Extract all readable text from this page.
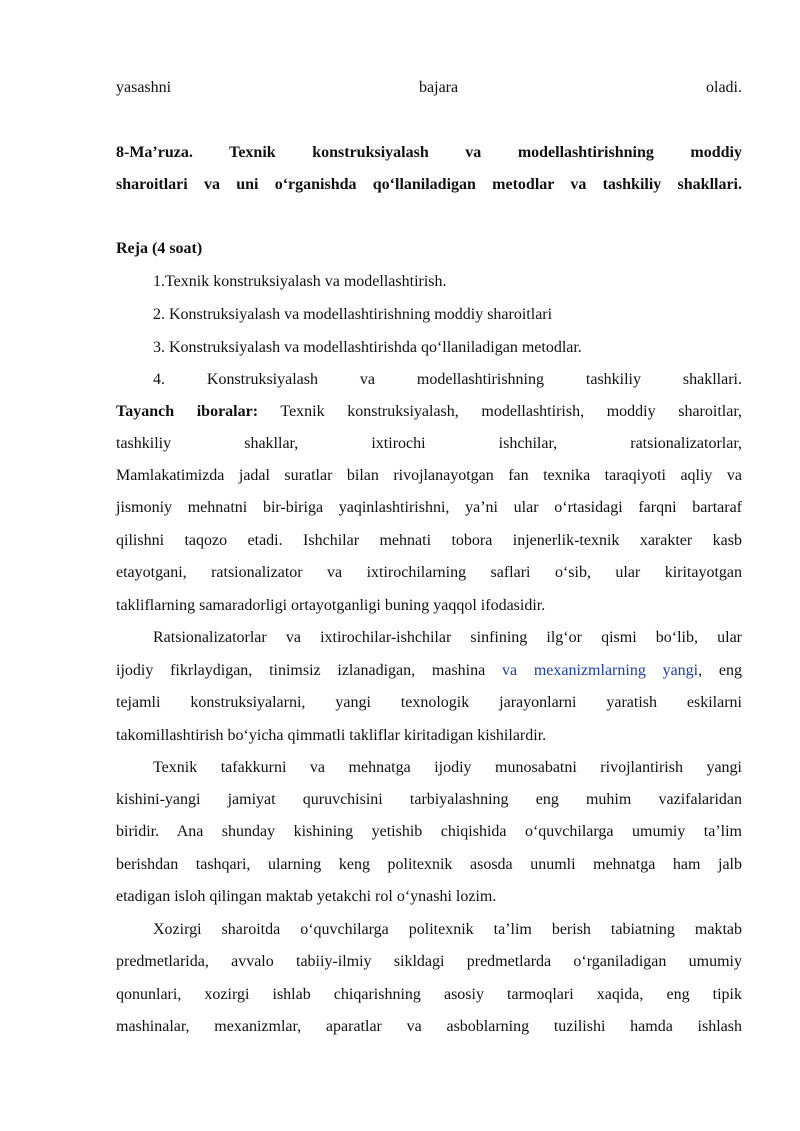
yasashni	bajara	oladi.
8-Ma’ruza. Texnik konstruksiyalash va modellashtirishning moddiy
sharoitlari va uni o‘rganishda qo‘llaniladigan metodlar va tashkiliy shakllari.
Reja (4 soat)
1.Texnik konstruksiyalash va modellashtirish.
2. Konstruksiyalash va modellashtirishning moddiy sharoitlari
3. Konstruksiyalash va modellashtirishda qo‘llaniladigan metodlar.
4. Konstruksiyalash va modellashtirishning tashkiliy shakllari.
Tayanch iboralar: Texnik konstruksiyalash, modellashtirish, moddiy sharoitlar,
tashkiliy shakllar, ixtirochi ishchilar, ratsionalizatorlar,
Mamlakatimizda jadal suratlar bilan rivojlanayotgan fan texnika taraqiyoti aqliy va
jismoniy mehnatni bir-biriga yaqinlashtirishni, ya’ni ular o‘rtasidagi farqni bartaraf
qilishni taqozo etadi. Ishchilar mehnati tobora injenerlik-texnik xarakter kasb
etayotgani, ratsionalizator va ixtirochilarning saflari o‘sib, ular kiritayotgan
takliflarning samaradorligi ortayotganligi buning yaqqol ifodasidir.
Ratsionalizatorlar va ixtirochilar-ishchilar sinfining ilg‘or qismi bo‘lib, ular
ijodiy fikrlaydigan, tinimsiz izlanadigan, mashina va mexanizmlarning yangi, eng
tejamli konstruksiyalarni, yangi texnologik jarayonlarni yaratish eskilarni
takomillashtirish bo‘yicha qimmatli takliflar kiritadigan kishilardir.
Texnik tafakkurni va mehnatga ijodiy munosabatni rivojlantirish yangi
kishini-yangi jamiyat quruvchisini tarbiyalashning eng muhim vazifalaridan
biridir. Ana shunday kishining yetishib chiqishida o‘quvchilarga umumiy ta’lim
berishdan tashqari, ularning keng politexnik asosda unumli mehnatga ham jalb
etadigan isloh qilingan maktab yetakchi rol o‘ynashi lozim.
Xozirgi sharoitda o‘quvchilarga politexnik ta’lim berish tabiatning maktab
predmetlarida, avvalo tabiiy-ilmiy sikldagi predmetlarda o‘rganiladigan umumiy
qonunlari, xozirgi ishlab chiqarishning asosiy tarmoqlari xaqida, eng tipik
mashinalar, mexanizmlar, aparatlar va asboblarning tuzilishi hamda ishlash
